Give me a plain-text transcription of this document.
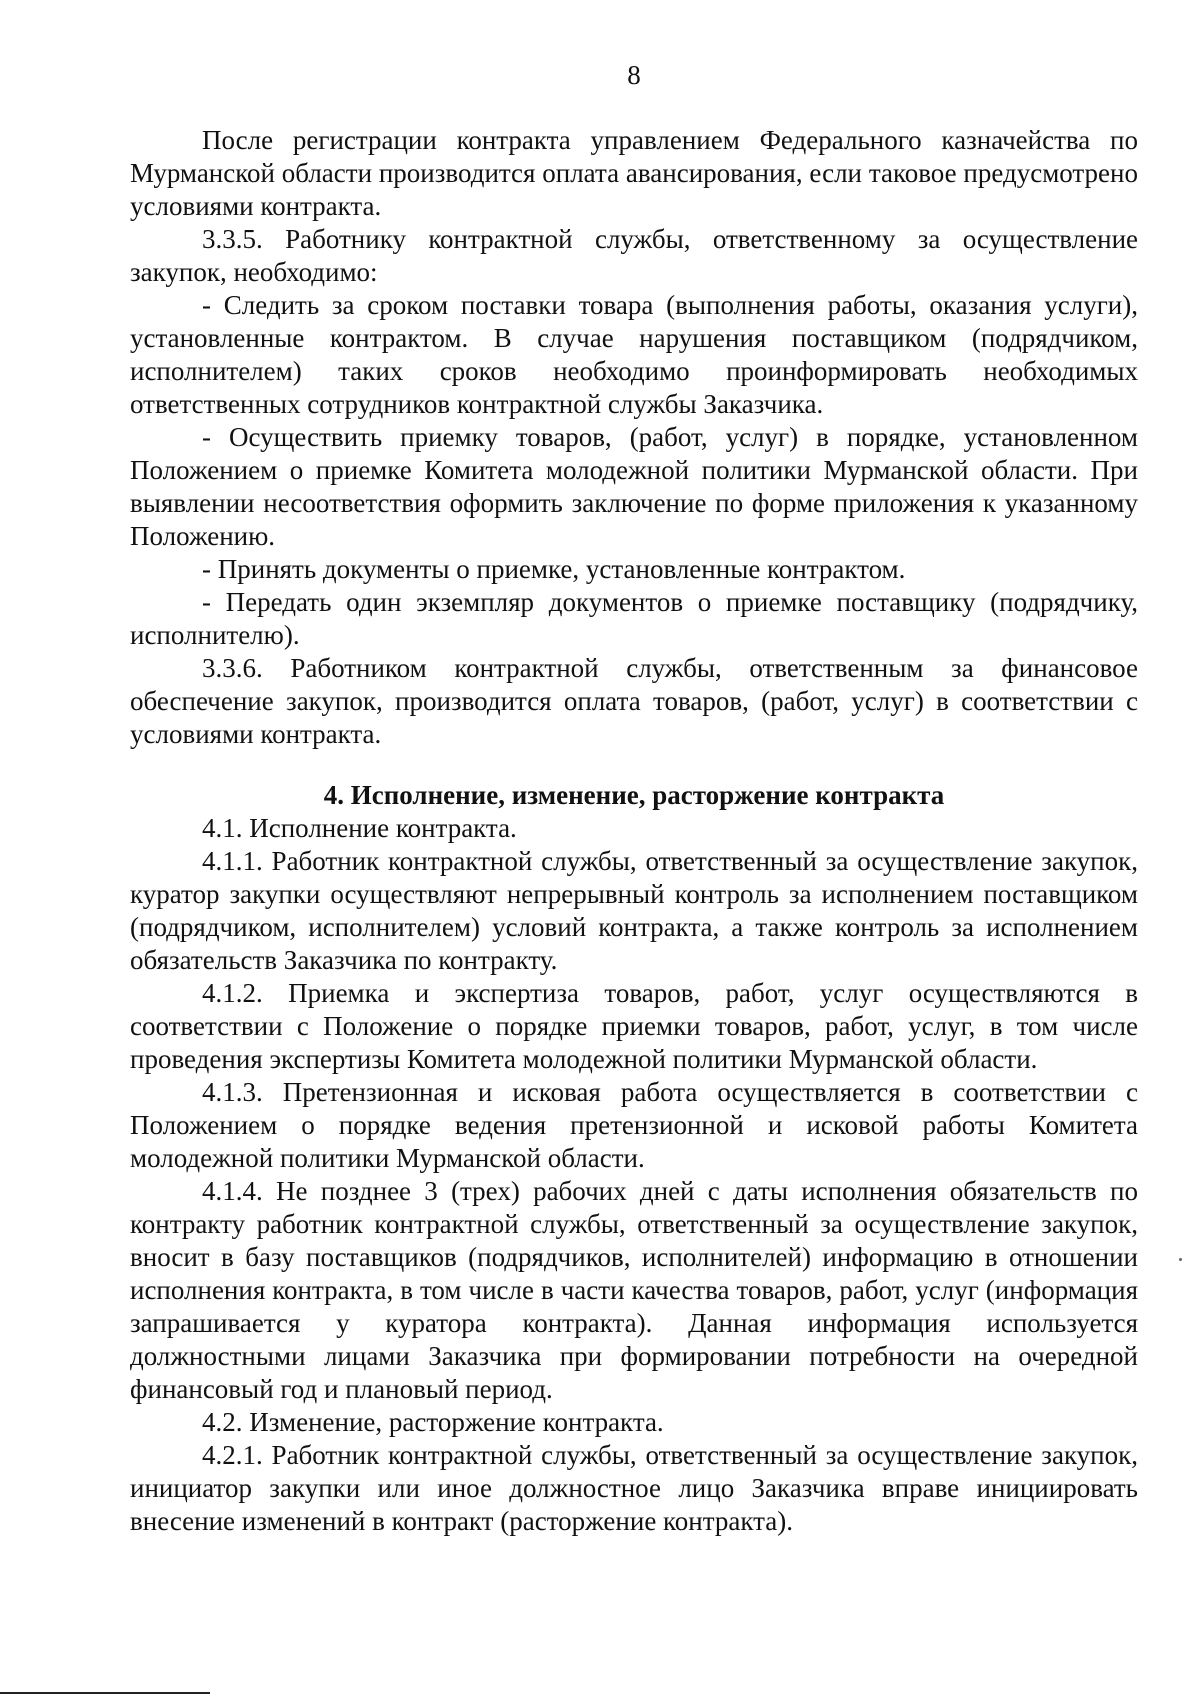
8

После регистрации контракта управлением Федерального казначейства по Мурманской области производится оплата авансирования, если таковое предусмотрено условиями контракта.

3.3.5. Работнику контрактной службы, ответственному за осуществление закупок, необходимо:

- Следить за сроком поставки товара (выполнения работы, оказания услуги), установленные контрактом. В случае нарушения поставщиком (подрядчиком, исполнителем) таких сроков необходимо проинформировать необходимых ответственных сотрудников контрактной службы Заказчика.

- Осуществить приемку товаров, (работ, услуг) в порядке, установленном Положением о приемке Комитета молодежной политики Мурманской области. При выявлении несоответствия оформить заключение по форме приложения к указанному Положению.

- Принять документы о приемке, установленные контрактом.

- Передать один экземпляр документов о приемке поставщику (подрядчику, исполнителю).

3.3.6. Работником контрактной службы, ответственным за финансовое обеспечение закупок, производится оплата товаров, (работ, услуг) в соответствии с условиями контракта.

4. Исполнение, изменение, расторжение контракта

4.1. Исполнение контракта.

4.1.1. Работник контрактной службы, ответственный за осуществление закупок, куратор закупки осуществляют непрерывный контроль за исполнением поставщиком (подрядчиком, исполнителем) условий контракта, а также контроль за исполнением обязательств Заказчика по контракту.

4.1.2. Приемка и экспертиза товаров, работ, услуг осуществляются в соответствии с Положение о порядке приемки товаров, работ, услуг, в том числе проведения экспертизы Комитета молодежной политики Мурманской области.

4.1.3. Претензионная и исковая работа осуществляется в соответствии с Положением о порядке ведения претензионной и исковой работы Комитета молодежной политики Мурманской области.

4.1.4. Не позднее 3 (трех) рабочих дней с даты исполнения обязательств по контракту работник контрактной службы, ответственный за осуществление закупок, вносит в базу поставщиков (подрядчиков, исполнителей) информацию в отношении исполнения контракта, в том числе в части качества товаров, работ, услуг (информация запрашивается у куратора контракта). Данная информация используется должностными лицами Заказчика при формировании потребности на очередной финансовый год и плановый период.

4.2. Изменение, расторжение контракта.

4.2.1. Работник контрактной службы, ответственный за осуществление закупок, инициатор закупки или иное должностное лицо Заказчика вправе инициировать внесение изменений в контракт (расторжение контракта).
